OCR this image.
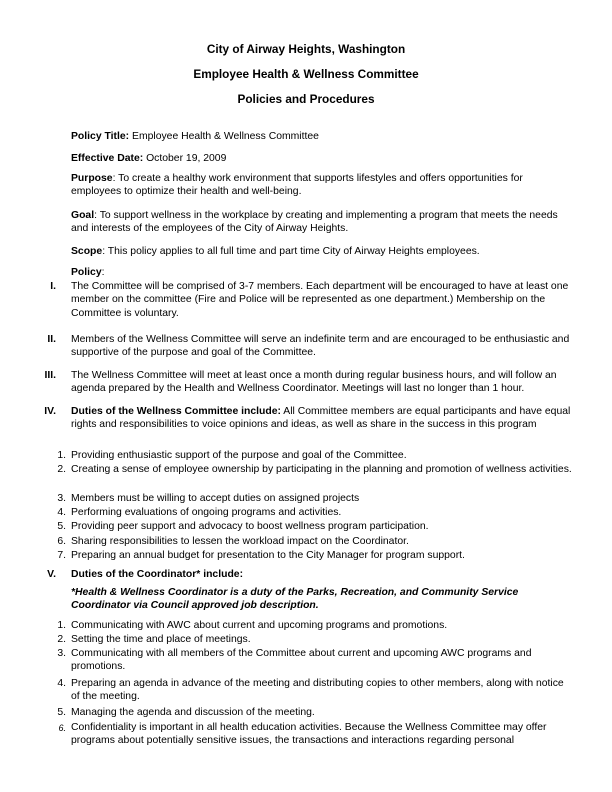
City of Airway Heights, Washington
Employee Health & Wellness Committee
Policies and Procedures
Policy Title: Employee Health & Wellness Committee
Effective Date: October 19, 2009
Purpose: To create a healthy work environment that supports lifestyles and offers opportunities for employees to optimize their health and well-being.
Goal: To support wellness in the workplace by creating and implementing a program that meets the needs and interests of the employees of the City of Airway Heights.
Scope: This policy applies to all full time and part time City of Airway Heights employees.
Policy:
I. The Committee will be comprised of 3-7 members. Each department will be encouraged to have at least one member on the committee (Fire and Police will be represented as one department.) Membership on the Committee is voluntary.
II. Members of the Wellness Committee will serve an indefinite term and are encouraged to be enthusiastic and supportive of the purpose and goal of the Committee.
III. The Wellness Committee will meet at least once a month during regular business hours, and will follow an agenda prepared by the Health and Wellness Coordinator. Meetings will last no longer than 1 hour.
IV. Duties of the Wellness Committee include: All Committee members are equal participants and have equal rights and responsibilities to voice opinions and ideas, as well as share in the success in this program
1. Providing enthusiastic support of the purpose and goal of the Committee.
2. Creating a sense of employee ownership by participating in the planning and promotion of wellness activities.
3. Members must be willing to accept duties on assigned projects
4. Performing evaluations of ongoing programs and activities.
5. Providing peer support and advocacy to boost wellness program participation.
6. Sharing responsibilities to lessen the workload impact on the Coordinator.
7. Preparing an annual budget for presentation to the City Manager for program support.
V. Duties of the Coordinator* include:
*Health & Wellness Coordinator is a duty of the Parks, Recreation, and Community Service Coordinator via Council approved job description.
1. Communicating with AWC about current and upcoming programs and promotions.
2. Setting the time and place of meetings.
3. Communicating with all members of the Committee about current and upcoming AWC programs and promotions.
4. Preparing an agenda in advance of the meeting and distributing copies to other members, along with notice of the meeting.
5. Managing the agenda and discussion of the meeting.
6. Confidentiality is important in all health education activities. Because the Wellness Committee may offer programs about potentially sensitive issues, the transactions and interactions regarding personal
